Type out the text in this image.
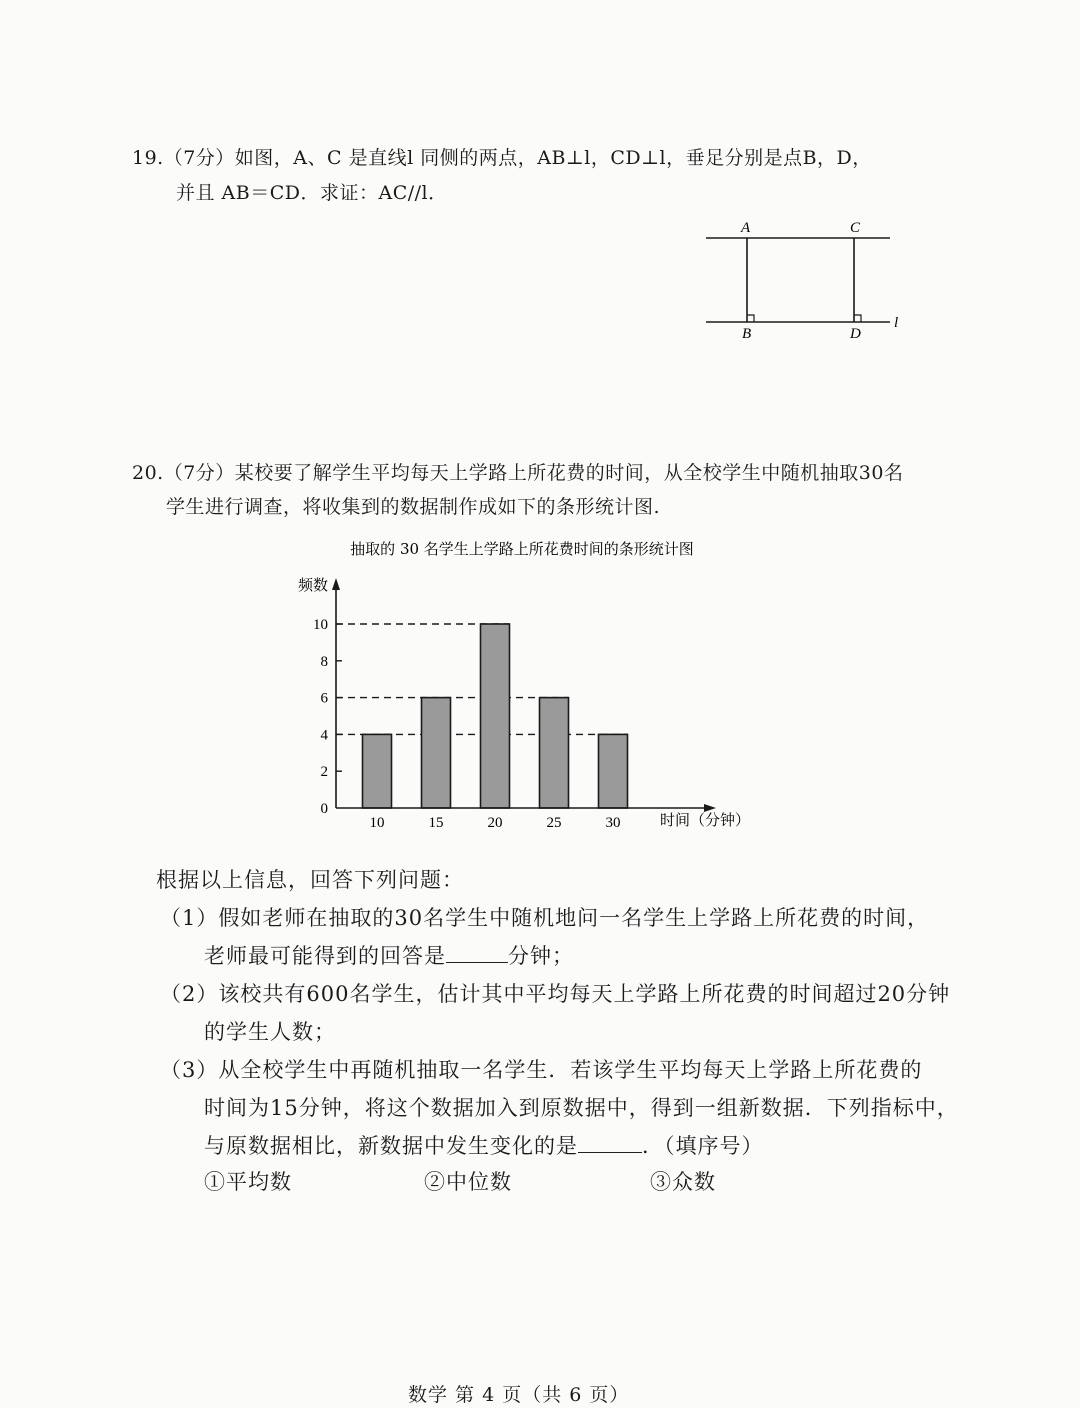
19.（7分）如图，A、C 是直线l 同侧的两点，AB⊥l，CD⊥l，垂足分别是点B，D，
并且 AB＝CD．求证：AC//l．
A	C
B	D
l
20.（7分）某校要了解学生平均每天上学路上所花费的时间，从全校学生中随机抽取30名
学生进行调查，将收集到的数据制作成如下的条形统计图.
抽取的 30 名学生上学路上所花费时间的条形统计图
频数
时间（分钟）
0
2
4
6
8
10
10	15	20	25	30
根据以上信息，回答下列问题：
（1）假如老师在抽取的30名学生中随机地问一名学生上学路上所花费的时间，
老师最可能得到的回答是	分钟；
（2）该校共有600名学生，估计其中平均每天上学路上所花费的时间超过20分钟
的学生人数；
（3）从全校学生中再随机抽取一名学生．若该学生平均每天上学路上所花费的
时间为15分钟，将这个数据加入到原数据中，得到一组新数据．下列指标中，
与原数据相比，新数据中发生变化的是	．（填序号）
①平均数	②中位数	③众数
数学 第 4 页（共 6 页）
